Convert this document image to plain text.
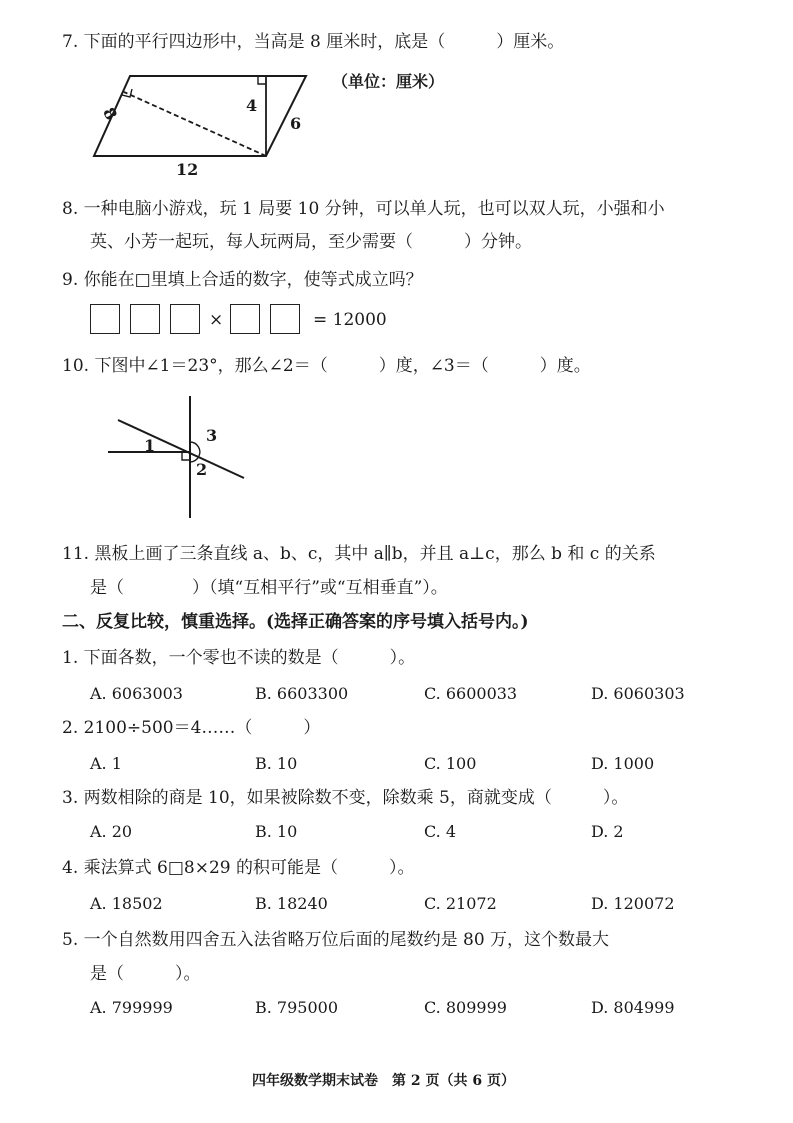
7. 下面的平行四边形中，当高是 8 厘米时，底是（　　　）厘米。
8	4
6
12
（单位：厘米）
8. 一种电脑小游戏，玩 1 局要 10 分钟，可以单人玩，也可以双人玩，小强和小
英、小芳一起玩，每人玩两局，至少需要（　　　）分钟。
9. 你能在□里填上合适的数字，使等式成立吗？
×	= 12000
10. 下图中∠1＝23°，那么∠2＝（　　　）度，∠3＝（　　　）度。
1
2
3
11. 黑板上画了三条直线 a、b、c，其中 a∥b，并且 a⊥c，那么 b 和 c 的关系
是（　　　　）（填“互相平行”或“互相垂直”）。
二、反复比较，慎重选择。(选择正确答案的序号填入括号内。)
1. 下面各数，一个零也不读的数是（　　　）。
A. 6063003	B. 6603300	C. 6600033	D. 6060303
2. 2100÷500＝4……（　　　）
A. 1	B. 10	C. 100	D. 1000
3. 两数相除的商是 10，如果被除数不变，除数乘 5，商就变成（　　　）。
A. 20	B. 10	C. 4	D. 2
4. 乘法算式 6□8×29 的积可能是（　　　）。
A. 18502	B. 18240	C. 21072	D. 120072
5. 一个自然数用四舍五入法省略万位后面的尾数约是 80 万，这个数最大
是（　　　）。
A. 799999	B. 795000	C. 809999	D. 804999
四年级数学期末试卷　第 2 页（共 6 页）
